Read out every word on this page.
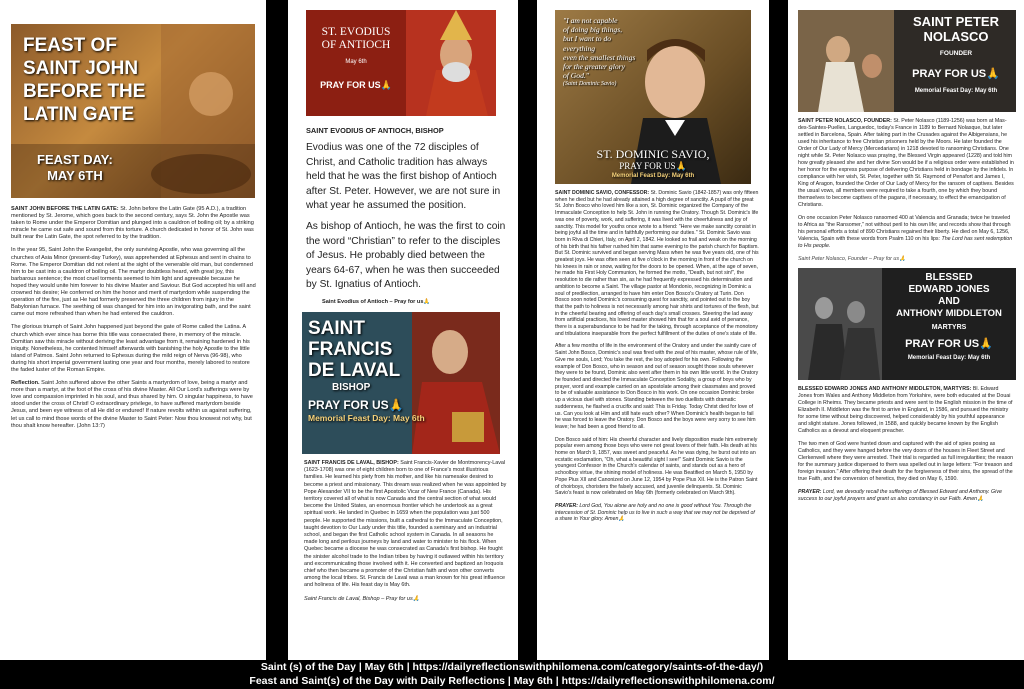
FEAST OF
SAINT JOHN
BEFORE THE
LATIN GATE
FEAST DAY:
MAY 6TH

SAINT JOHN BEFORE THE LATIN GATE: St. John before the Latin Gate (95 A.D.), a tradition mentioned by St. Jerome, which goes back to the second century, says St. John the Apostle was taken to Rome under the Emperor Domitian and plunged into a cauldron of boiling oil; by a striking miracle he came out safe and sound from this torture. A church dedicated in honor of St. John was built near the Latin Gate, the spot referred to by the tradition.

In the year 95, Saint John the Evangelist, the only surviving Apostle, who was governing all the churches of Asia Minor (present-day Turkey), was apprehended at Ephesus and sent in chains to Rome. The Emperor Domitian did not relent at the sight of the venerable old man, but condemned him to be cast into a cauldron of boiling oil. The martyr doubtless heard, with great joy, this barbarous sentence; the most cruel torments seemed to him light and agreeable because he hoped they would unite him forever to his divine Master and Saviour. But God accepted his will and crowned his desire; He conferred on him the honor and merit of martyrdom while suspending the operation of the fire, just as He had formerly preserved the three children from injury in the Babylonian furnace. The seething oil was changed for him into an invigorating bath, and the saint came out more refreshed than when he had entered the cauldron.

The glorious triumph of Saint John happened just beyond the gate of Rome called the Latina. A church which ever since has borne this title was consecrated there, in memory of the miracle. Domitian saw this miracle without deriving the least advantage from it, remaining hardened in his iniquity. Nonetheless, he contented himself afterwards with banishing the holy Apostle to the little island of Patmos. Saint John returned to Ephesus during the mild reign of Nerva (96-98), who during his short imperial government lasting one year and four months, merely labored to restore the faded luster of the Roman Empire.

Reflection. Saint John suffered above the other Saints a martyrdom of love, being a martyr and more than a martyr, at the foot of the cross of his divine Master. All Our Lord's sufferings were by love and compassion imprinted in his soul, and thus shared by him. O singular happiness, to have stood under the cross of Christ! O extraordinary privilege, to have suffered martyrdom beside Jesus, and been eye witness of all He did or endured! If nature revolts within us against suffering, let us call to mind those words of the divine Master to Saint Peter: Now thou knowest not why, but thou shalt know hereafter. (John 13:7)

ST. EVODIUS
OF ANTIOCH
May 6th
PRAY FOR US🙏

SAINT EVODIUS OF ANTIOCH, BISHOP

Evodius was one of the 72 disciples of Christ, and Catholic tradition has always held that he was the first bishop of Antioch after St. Peter. However, we are not sure in what year he assumed the position.

As bishop of Antioch, he was the first to coin the word “Christian” to refer to the disciples of Jesus. He probably died between the years 64-67, when he was then succeeded by St. Ignatius of Antioch.

Saint Evodius of Antioch – Pray for us🙏

SAINT
FRANCIS
DE LAVAL
BISHOP
PRAY FOR US🙏
Memorial Feast Day: May 6th

SAINT FRANCIS DE LAVAL, BISHOP: Saint Francis-Xavier de Montmorency-Laval (1623-1708) was one of eight children born to one of France's most illustrious families. He learned his piety from his mother, and like his namesake desired to become a priest and missionary. This dream was realized when he was appointed by Pope Alexander VII to be the first Apostolic Vicar of New France (Canada). His territory covered all of what is now Canada and the central section of what would become the United States, an enormous frontier which he undertook as a great spiritual work. He landed in Quebec in 1659 when the population was just 500 people. He supported the missions, built a cathedral to the Immaculate Conception, taught devotion to Our Lady under this title, founded a seminary and an industrial school, and began the first Catholic school system in Canada. In all seasons he made long and perilous journeys by land and water to minister to his flock. When Quebec became a diocese he was consecrated as Canada's first bishop. He fought the sinister alcohol trade to the Indian tribes by having it outlawed within his territory and excommunicating those involved with it. He converted and baptized an Iroquois chief who then became a promoter of the Christian faith and won other converts among the local tribes. St. Francis de Laval was a man known for his great influence and holiness of life. His feast day is May 6th.

Saint Francis de Laval, Bishop – Pray for us🙏

"I am not capable
of doing big things,
but I want to do
everything
even the smallest things
for the greater glory
of God."
(Saint Dominic Savio)
ST. DOMINIC SAVIO,
PRAY FOR US🙏
Memorial Feast Day: May 6th

SAINT DOMINIC SAVIO, CONFESSOR: St. Dominic Savio (1842-1857) was only fifteen when he died but he had already attained a high degree of sanctity. A pupil of the great St. John Bosco who loved him like a son, St. Dominic organized the Company of the Immaculate Conception to help St. John in running the Oratory. Though St. Dominic's life was one of poverty, work, and suffering, it was lived with the cheerfulness and joy of sanctity. This model for youths once wrote to a friend: "Here we make sanctity consist in being joyful all the time and in faithfully performing our duties." St. Dominic Savio was born in Riva di Chieri, Italy, on April 2, 1842. He looked so frail and weak on the morning of his birth that his father rushed him that same evening to the parish church for Baptism. But St. Dominic survived and began serving Mass when he was five years old, one of his greatest joys. He was often seen at five o'clock in the morning in front of the church on his knees in rain or snow, waiting for the doors to be opened. When, at the age of seven, he made his First Holy Communion, he formed the motto, "Death, but not sin!", the resolution to die rather than sin, as he had frequently expressed his determination and ambition to become a Saint. The village pastor at Mondonio, recognizing in Dominic a soul of predilection, arranged to have him enter Don Bosco's Oratory at Turin. Don Bosco soon noted Dominic's consuming quest for sanctity, and pointed out to the boy that the path to holiness is not necessarily among hair shirts and tortures of the flesh, but in the cheerful bearing and offering of each day's small crosses. Steering the lad away from artificial practices, his loved master showed him that for a soul avid of penance, there is a superabundance to be had for the taking, through acceptance of the monotony and tribulations inseparable from the perfect fulfillment of the duties of one's state of life.

After a few months of life in the environment of the Oratory and under the saintly care of Saint John Bosco, Dominic's soul was fired with the zeal of his master, whose rule of life, Give me souls, Lord; You take the rest, the boy adopted for his own. Following the example of Don Bosco, who in season and out of season sought those souls wherever they were to be found, Dominic also went after them in his own little world. In the Oratory he founded and directed the Immaculate Conception Sodality, a group of boys who by prayer, word and example carried on an apostolate among their classmates and proved to be of valuable assistance to Don Bosco in his work. On one occasion Dominic broke up a vicious duel with stones. Standing between the two duellists with dramatic suddenness, he flashed a crucifix and said: This is Friday. Today Christ died for love of us. Can you look at Him and still hate each other? When Dominic's health began to fail he was forced to leave the Oratory. Don Bosco and the boys were very sorry to see him leave; he had been a good friend to all.

Don Bosco said of him: His cheerful character and lively disposition made him extremely popular even among those boys who were not great lovers of their faith. His death at his home on March 9, 1857, was sweet and peaceful. As he was dying, he burst out into an ecstatic exclamation, "Oh, what a beautiful sight I see!" Saint Dominic Savio is the youngest Confessor in the Church's calendar of saints, and stands out as a hero of schoolboy virtue, the shining model of holiness. He was Beatified on March 5, 1950 by Pope Pius XII and Canonized on June 12, 1954 by Pope Pius XII. He is the Patron Saint of choirboys, choristers the falsely accused, and juvenile delinquents. St. Dominic Savio's feast is now celebrated on May 6th (formerly celebrated on March 9th).

PRAYER: Lord God, You alone are holy and no one is good without You. Through the intercession of St. Dominic help us to live in such a way that we may not be deprived of a share in Your glory. Amen🙏

SAINT PETER
NOLASCO
FOUNDER
PRAY FOR US🙏
Memorial Feast Day: May 6th

SAINT PETER NOLASCO, FOUNDER: St. Peter Nolasco (1189-1256) was born at Mas-des-Saintes-Puelles, Languedoc, today's France in 1189 to Bernard Nolasque, but later settled in Barcelona, Spain. After taking part in the Crusades against the Albigensians, he used his inheritance to free Christian prisoners held by the Moors. He later founded the Order of Our Lady of Mercy (Mercedarians) in 1218 devoted to ransoming Christians. One night while St. Peter Nolasco was praying, the Blessed Virgin appeared (1228) and told him how greatly pleased she and her divine Son would be if a religious order were established in her honor for the express purpose of delivering Christians held in bondage by the infidels. In compliance with her wish, St. Peter, together with St. Raymond of Penafort and James I, King of Aragon, founded the Order of Our Lady of Mercy for the ransom of captives. Besides the usual vows, all members were required to take a fourth, one by which they bound themselves to become captives of the pagans, if necessary, to effect the emancipation of Christians.

On one occasion Peter Nolasco ransomed 400 at Valencia and Granada; twice he traveled to Africa as "the Ransomer," not without peril to his own life; and records show that through his personal efforts a total of 890 Christians regained their liberty. He died on May 6, 1256, Valencia, Spain with these words from Psalm 110 on his lips: The Lord has sent redemption to His people.

Saint Peter Nolasco, Founder – Pray for us🙏

BLESSED
EDWARD JONES
AND
ANTHONY MIDDLETON
MARTYRS
PRAY FOR US🙏
Memorial Feast Day: May 6th

BLESSED EDWARD JONES AND ANTHONY MIDDLETON, MARTYRS: Bl. Edward Jones from Wales and Anthony Middleton from Yorkshire, were both educated at the Douai College in Rheims. They became priests and were sent to the English mission in the time of Elizabeth II. Middleton was the first to arrive in England, in 1586, and pursued the ministry for some time without being discovered, helped considerably by his youthful appearance and slight stature. Jones followed, in 1588, and quickly became known by the English Catholics as a devout and eloquent preacher.

The two men of God were hunted down and captured with the aid of spies posing as Catholics, and they were hanged before the very doors of the houses in Fleet Street and Clerkenwell where they were arrested. Their trial is regarded as full irregularities; the reason for the summary justice dispensed to them was spelled out in large letters: "For treason and foreign invasion." After offering their death for the forgiveness of their sins, the spread of the true Faith, and the conversion of heretics, they died on May 6, 1590.

PRAYER: Lord, we devoutly recall the sufferings of Blessed Edward and Anthony. Give success to our joyful prayers and grant us also constancy in our Faith. Amen🙏

Saint (s) of the Day | May 6th | https://dailyreflectionswithphilomena.com/category/saints-of-the-day/)
Feast and Saint(s) of the Day with Daily Reflections | May 6th | https://dailyreflectionswithphilomena.com/
